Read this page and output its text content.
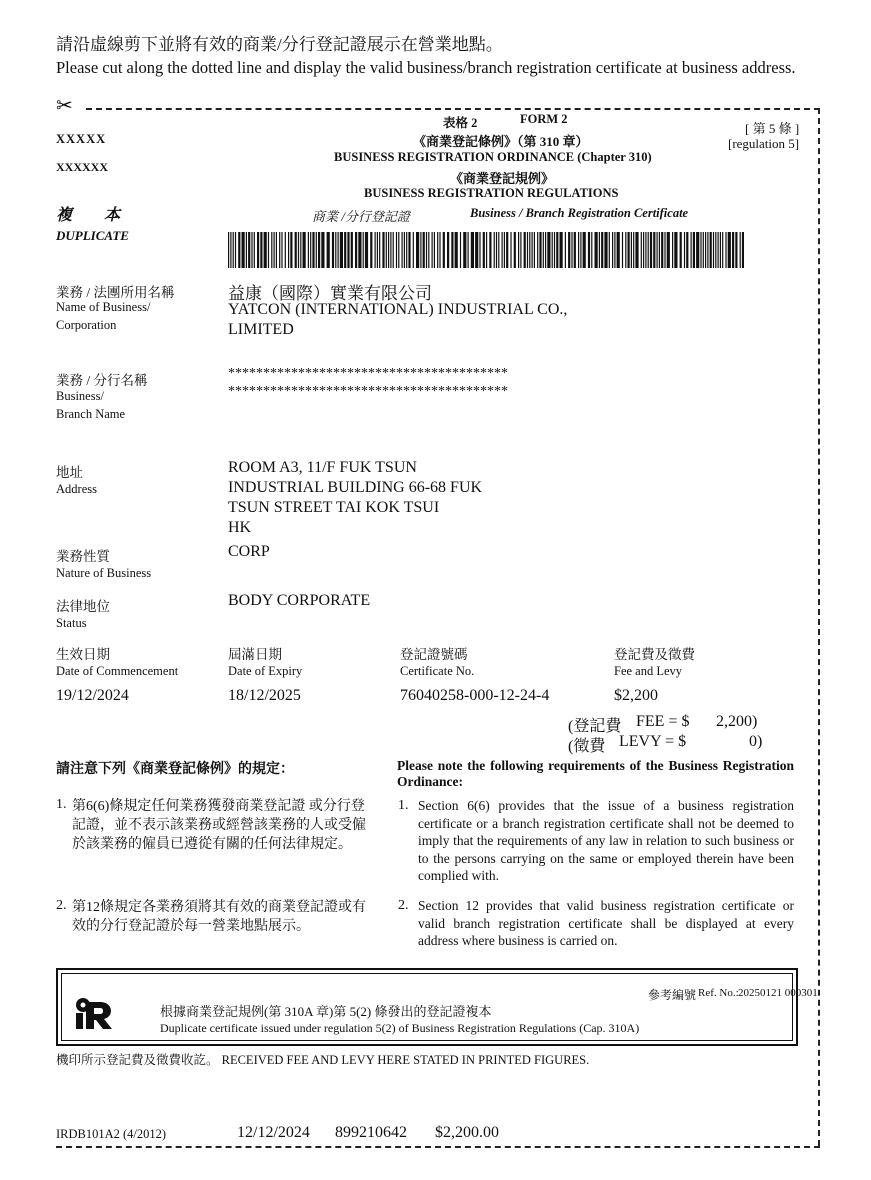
請沿虛線剪下並將有效的商業/分行登記證展示在營業地點。
Please cut along the dotted line and display the valid business/branch registration certificate at business address.
✂
表格 2	FORM 2
《商業登記條例》（第 310 章）
BUSINESS REGISTRATION ORDINANCE (Chapter 310)
《商業登記規例》
BUSINESS REGISTRATION REGULATIONS
商業 /分行登記證	Business / Branch Registration Certificate
[ 第 5 條 ]
[regulation 5]
XXXXX
XXXXXX
複　　本
DUPLICATE
業務 / 法團所用名稱
Name of Business/
Corporation
益康（國際）實業有限公司
YATCON (INTERNATIONAL) INDUSTRIAL CO.,
LIMITED
業務 / 分行名稱
Business/
Branch Name
****************************************
****************************************
地址
Address
ROOM A3, 11/F FUK TSUN
INDUSTRIAL BUILDING 66-68 FUK
TSUN STREET TAI KOK TSUI
HK
業務性質
Nature of Business
CORP
法律地位
Status
BODY CORPORATE
生效日期
Date of Commencement
19/12/2024
屆滿日期
Date of Expiry
18/12/2025
登記證號碼
Certificate No.
76040258-000-12-24-4
登記費及徵費
Fee and Levy
$2,200
(登記費 FEE = $ 2,200)
(徵費 LEVY = $	0)
請注意下列《商業登記條例》的規定：	Please note the following requirements of the Business Registration Ordinance:
1. 第6(6)條規定任何業務獲發商業登記證 或分行登記證，並不表示該業務或經營該業務的人或受僱於該業務的僱員已遵從有關的任何法律規定。
1. Section 6(6) provides that the issue of a business registration certificate or a branch registration certificate shall not be deemed to imply that the requirements of any law in relation to such business or to the persons carrying on the same or employed therein have been complied with.
2. 第12條規定各業務須將其有效的商業登記證或有效的分行登記證於每一營業地點展示。
2. Section 12 provides that valid business registration certificate or valid branch registration certificate shall be displayed at every address where business is carried on.
參考編號 Ref. No.: 20250121 000301
根據商業登記規例(第 310A 章)第 5(2) 條發出的登記證複本
Duplicate certificate issued under regulation 5(2) of Business Registration Regulations (Cap. 310A)
機印所示登記費及徵費收訖。 RECEIVED FEE AND LEVY HERE STATED IN PRINTED FIGURES.
IRDB101A2 (4/2012)	12/12/2024 899210642 $2,200.00
